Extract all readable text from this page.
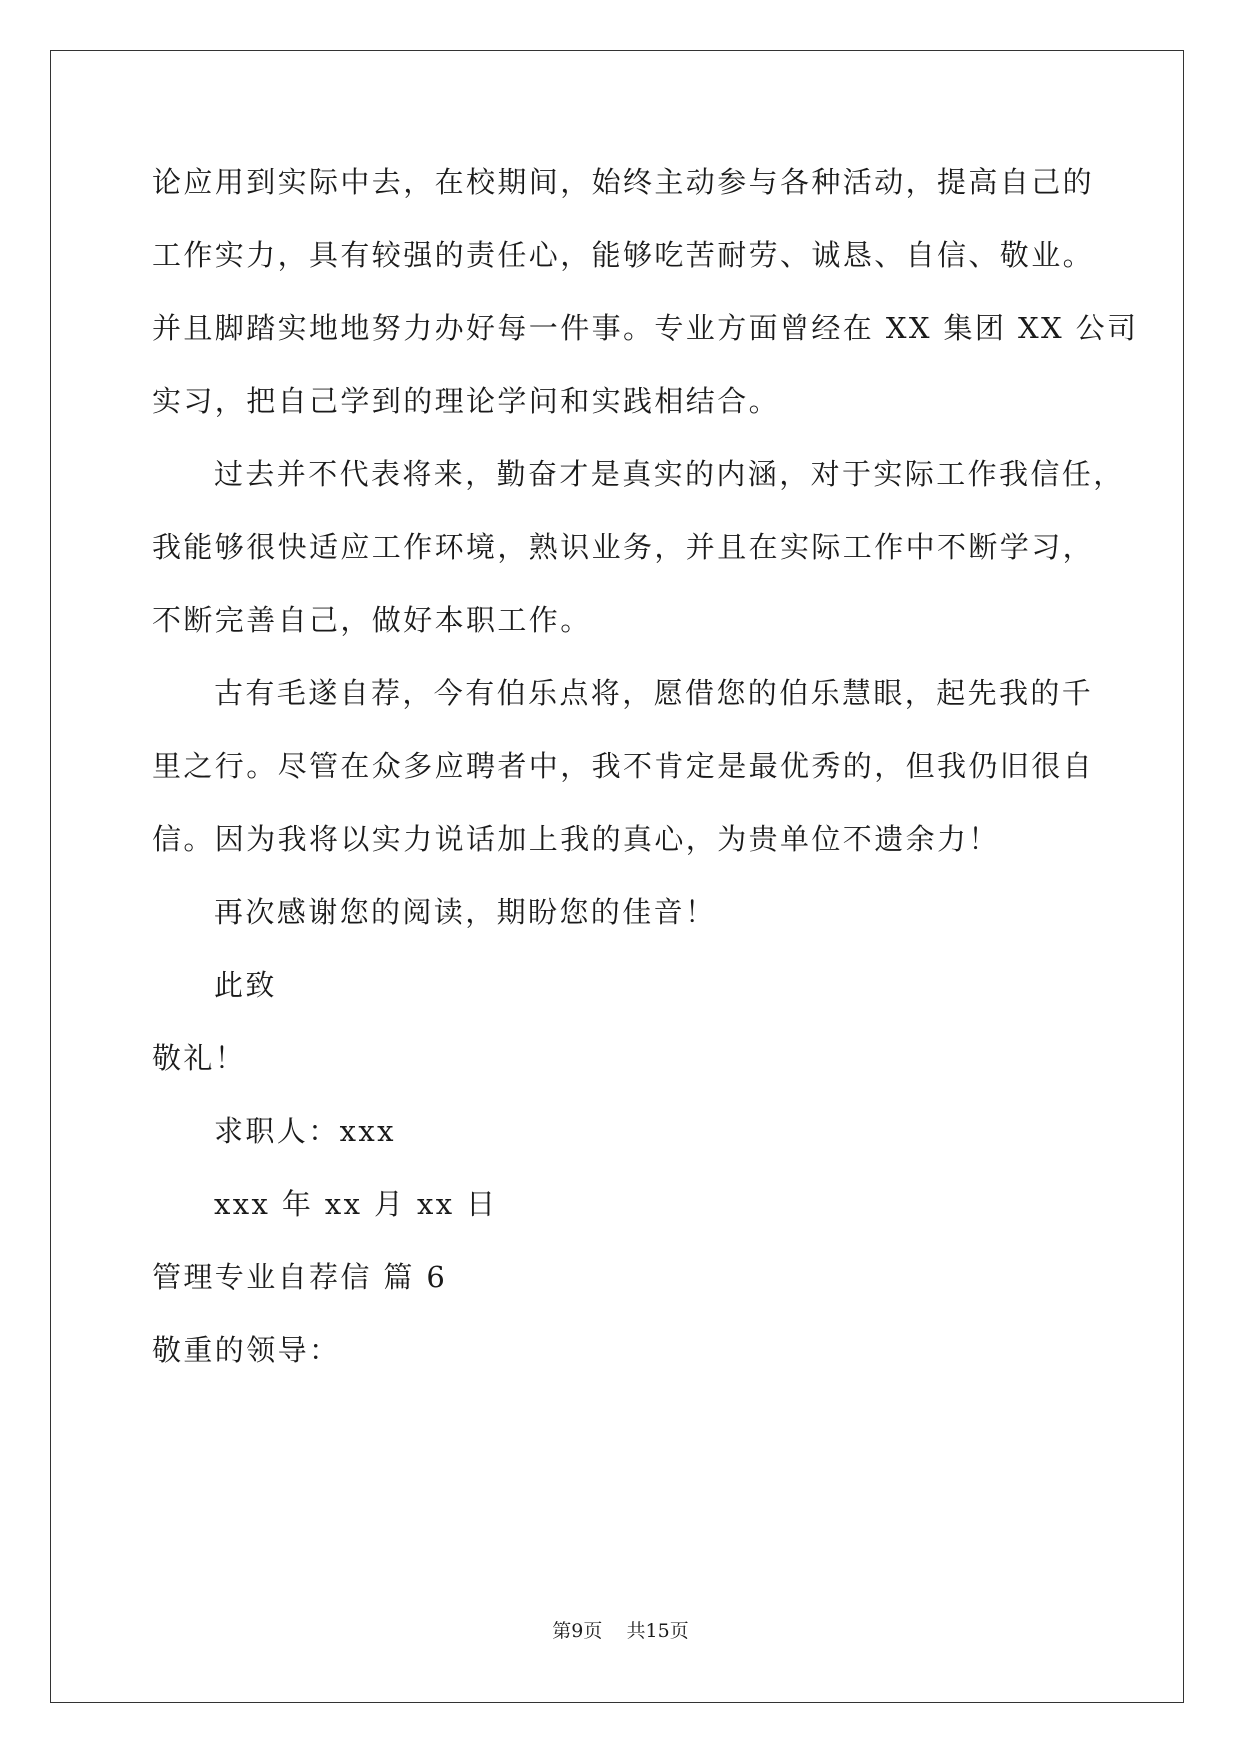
论应用到实际中去，在校期间，始终主动参与各种活动，提高自己的
工作实力，具有较强的责任心，能够吃苦耐劳、诚恳、自信、敬业。
并且脚踏实地地努力办好每一件事。专业方面曾经在 XX 集团 XX 公司
实习，把自己学到的理论学问和实践相结合。
过去并不代表将来，勤奋才是真实的内涵，对于实际工作我信任，
我能够很快适应工作环境，熟识业务，并且在实际工作中不断学习，
不断完善自己，做好本职工作。
古有毛遂自荐，今有伯乐点将，愿借您的伯乐慧眼，起先我的千
里之行。尽管在众多应聘者中，我不肯定是最优秀的，但我仍旧很自
信。因为我将以实力说话加上我的真心，为贵单位不遗余力！
再次感谢您的阅读，期盼您的佳音！
此致
敬礼！
求职人：xxx
xxx 年 xx 月 xx 日
管理专业自荐信 篇 6
敬重的领导：
第9页 共15页
